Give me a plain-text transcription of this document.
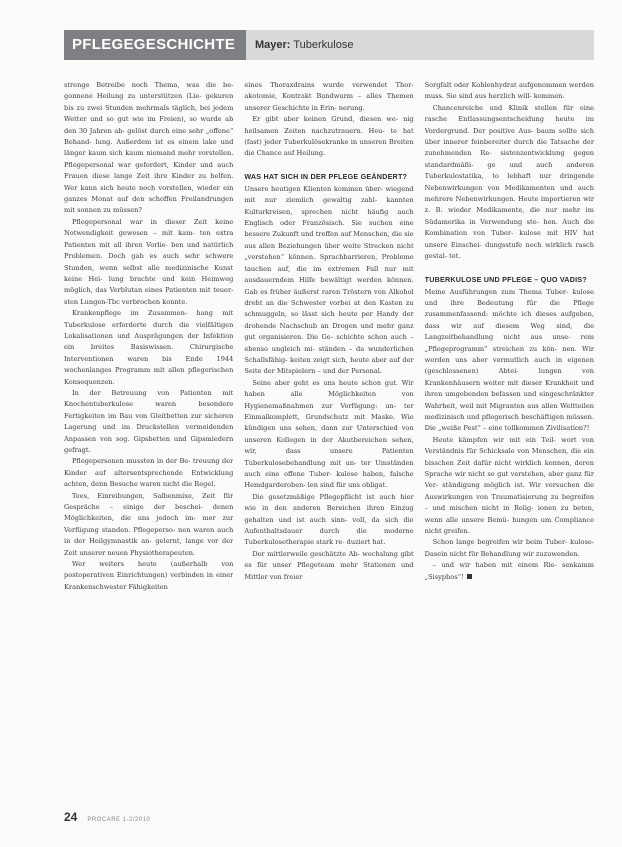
PFLEGEGESCHICHTE	Mayer: Tuberkulose

strenge Betreibe noch Thema, was die be- gonnene Heilung zu unterstützen (Lie- gekuren bis zu zwei Stunden mehrmals täglich, bei jedem Wetter und so gut wie im Freien), so wurde ab den 30 Jahren ab- gelöst durch eine sehr „offene“ Behand- lung. Außerdem ist es einem lake und länger kaum sich kaum niemand mehr vorstellen. Pflegepersonal war gefordert, Kinder und auch Frauen diese lange Zeit ihre Kinder zu helfen. Wer kann sich heute noch vorstellen, wieder ein ganzes Monat auf den schoffen Freilandrungen mit sonnen zu müssen?

Pflegepersonal war in dieser Zeit keine Notwendigkeit gewesen – mit kam- ten extra Patienten mit all ihren Vorlie- ben und natürlich Problemen. Doch gab es auch sehr schwere Stunden, wenn selbst alle medizinische Kunst keine Hei- lung brachte und kein Heimweg möglich, das Verblutan eines Patienten mit teuer- sten Lungen-Tbc verbrochen konnte.

Krankenpflege im Zusammen- hang mit Tuberkulose erforderte durch die vielfältigen Lokalisationen und Ausprägungen der Infektion ein breites Basiswissen. Chirurgische Interventionen waren bis Ende 1944 wochenlanges Programm mit allen pflegerischen Konsequenzen.

In der Betreuung von Patienten mit Knochentuberkulose waren besondere Fertigkeiten im Bau von Gleitbetten zur sicheren Lagerung und im Druckstellen vermeidenden Anpassen von sog. Gipsbetten und Gipsmiedern gefragt.

Pflegepersonen mussten in der Be- treuung der Kinder auf altersentsprechende Entwicklung achten, denn Besuche waren nicht die Regel.

Tees, Einreibungen, Salbenmixe, Zeit für Gespräche – einige der beschei- denen Möglichkeiten, die uns jedoch im- mer zur Verfügung standen. Pflegeperso- nen waren auch in der Heilgymnastik an- gelernt, lange vor der Zeit unserer neuen Physiotherapeuten.

Wer weiters heute (außerhalb von postoperativen Einrichtungen) verbinden in einer Krankenschwester Fähigkeiten

eines Thoraxdrains wurde verwendet Thor- akotomie, Kontrakt Bandwurm – alles Themen unserer Geschichte in Erin- nerung.

Er gibt aber keinen Grund, diesen we- nig heilsamen Zeiten nachzutrauern. Heu- te hat (fast) jeder Tuberkulösekranke in unseren Breiten die Chance auf Heilung.

WAS HAT SICH IN DER PFLEGE GEÄNDERT?

Unsere heutigen Klienten kommen über- wiegend mit nur ziemlich gewaltig zahl- kannten Kulturkreisen, sprechen nicht häufig auch Englisch oder Französisch. Sie suchen eine bessere Zukunft und treffen auf Menschen, die sie aus allen Beziehungen über weite Strecken nicht „verstehen“ können. Sprachbarrieren, Probleme tauchen auf, die im extremen Fall nur mit ausdauerndem Hilfe bewältigt werden können. Gab es früher äußerst raren Tröstern von Alkohol dreht an die Schwester vorbei at den Kasten zu schmuggeln, so lässt sich heute per Handy der drohende Nachschub an Drogen und mehr ganz gut organisieren. Die Ge- schichte schon auch – ebenso ungleich mi- ständen – da wunderlichen Schallsfähig- keiten zeigt sich, heute aber auf der Seite der Mitspielern – und der Personal.

Seine aber geht es uns heute schon gut. Wir haben alle Möglichkeiten von Hygienemaßnahmen zur Verfügung: un- ter Einmalkomplett, Grundschutz mit Maske. Wie kündigen uns sehen, dann zur Unterschied von unseren Kollegen in der Akutbereichen sehen, wir, dass unsere Patienten Tuberkulosebehandlung mit un- ter Umständen auch eine offene Tuber- kulose haben, falsche Hemdgarderoben- len sind für uns obligat.

Die gesetzmäßige Pflegepflicht ist auch hier wie in den anderen Bereichen ihren Einzug gehalten und ist auch sinn- voll, da sich die Aufenthaltsdauer durch die moderne Tuberkulosetherapie stark re- duziert hat.

Der mittlerweile geschätzte Ab- wechslung gibt es für unser Pflegeteam mehr Stationen und Mittler von freier

Sorgfalt oder Kohlenhydrat aufgenommen werden muss. Sie sind aus herzlich will- kommen.

Chancenreiche und Klinik stellen für eine rasche Entlassungsentscheidung heute im Vordergrund. Der positive Aus- baum sollte sich über innerer feinbereiter durch die Tatsache der zunehmenden Re- sistenzentwicklung gegen standardmäßi- ge und auch anderen Tuberkulostatika, to lebhaft nur dringende Nebenwirkungen von Medikamenten und auch mehrere Nebenwirkungen. Heute importieren wir z. B. wieder Medikamente, die nur mehr im Südamerika in Verwendung ste- hen. Auch die Kombination von Tuber- kulose mit HIV hat unsere Einschei- dungsstufe noch wirklich rasch gestal- tet.

TUBERKULOSE UND PFLEGE – QUO VADIS?

Meine Ausführungen zum Thema Tuber- kulose und ihre Bedeutung für die Pflege zusammenfassend: möchte ich dieses aufgeben, dass wir auf diesem Weg sind, die Langzeitbehandlung nicht aus unse- rem „Pflegeprogramm“ streichen zu kön- nen. Wir werden uns aber vermutlich auch in eigenen (geschlossenen) Abtei- lungen von Krankenhäusern weiter mit dieser Krankheit und ihren umgebenden befassen und eingeschränkter Wahrheit, weil mit Migranten aus allen Weltteilen medizinisch und pflegerisch beschäftigen müssen. Die „weiße Pest“ – eine tollkommen Zivilisation?!

Heute kämpfen wir mit ein Teil- wort von Verständnis für Schicksale von Menschen, die ein bisschen Zeit dafür nicht wirklich kennen, deren Sprache wir nicht so gut verstehen, aber ganz für Ver- ständigung möglich ist. Wir versuchen die Auswirkungen von Traumatisierung zu begreifen – und mischen nicht in Relig- ionen zu beten, wenn alle unsere Bemü- hungen um Compliance nicht greifen.

Schon lange begreifen wir beim Tuber- kulose-Dasein nicht für Behandlung wir zuzuwenden.

– und wir haben mit einem Rie- senkamm „Sisyphos“!

24 PROCARE 1-2/2010
